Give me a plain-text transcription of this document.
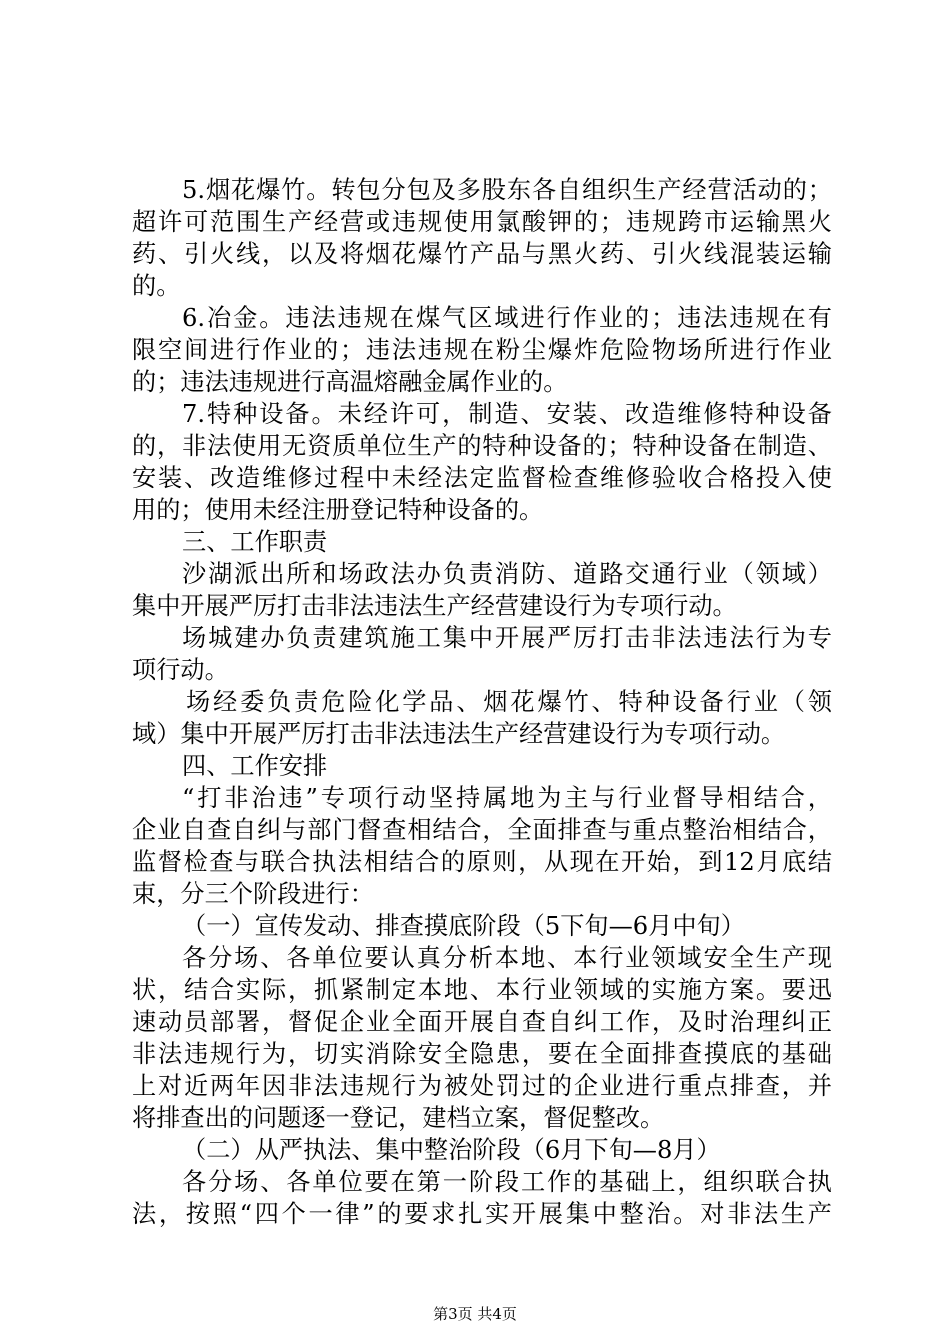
5.烟花爆竹。转包分包及多股东各自组织生产经营活动的；
超许可范围生产经营或违规使用氯酸钾的；违规跨市运输黑火
药、引火线，以及将烟花爆竹产品与黑火药、引火线混装运输
的。
6.冶金。违法违规在煤气区域进行作业的；违法违规在有
限空间进行作业的；违法违规在粉尘爆炸危险物场所进行作业
的；违法违规进行高温熔融金属作业的。
7.特种设备。未经许可，制造、安装、改造维修特种设备
的，非法使用无资质单位生产的特种设备的；特种设备在制造、
安装、改造维修过程中未经法定监督检查维修验收合格投入使
用的；使用未经注册登记特种设备的。
三、工作职责
沙湖派出所和场政法办负责消防、道路交通行业（领域）
集中开展严厉打击非法违法生产经营建设行为专项行动。
场城建办负责建筑施工集中开展严厉打击非法违法行为专
项行动。
场经委负责危险化学品、烟花爆竹、特种设备行业（领
域）集中开展严厉打击非法违法生产经营建设行为专项行动。
四、工作安排
“打非治违”专项行动坚持属地为主与行业督导相结合，
企业自查自纠与部门督查相结合，全面排查与重点整治相结合，
监督检查与联合执法相结合的原则，从现在开始，到12月底结
束，分三个阶段进行：
（一）宣传发动、排查摸底阶段（5下旬—6月中旬）
各分场、各单位要认真分析本地、本行业领域安全生产现
状，结合实际，抓紧制定本地、本行业领域的实施方案。要迅
速动员部署，督促企业全面开展自查自纠工作，及时治理纠正
非法违规行为，切实消除安全隐患，要在全面排查摸底的基础
上对近两年因非法违规行为被处罚过的企业进行重点排查，并
将排查出的问题逐一登记，建档立案，督促整改。
（二）从严执法、集中整治阶段（6月下旬—8月）
各分场、各单位要在第一阶段工作的基础上，组织联合执
法，按照“四个一律”的要求扎实开展集中整治。对非法生产
第3页 共4页
